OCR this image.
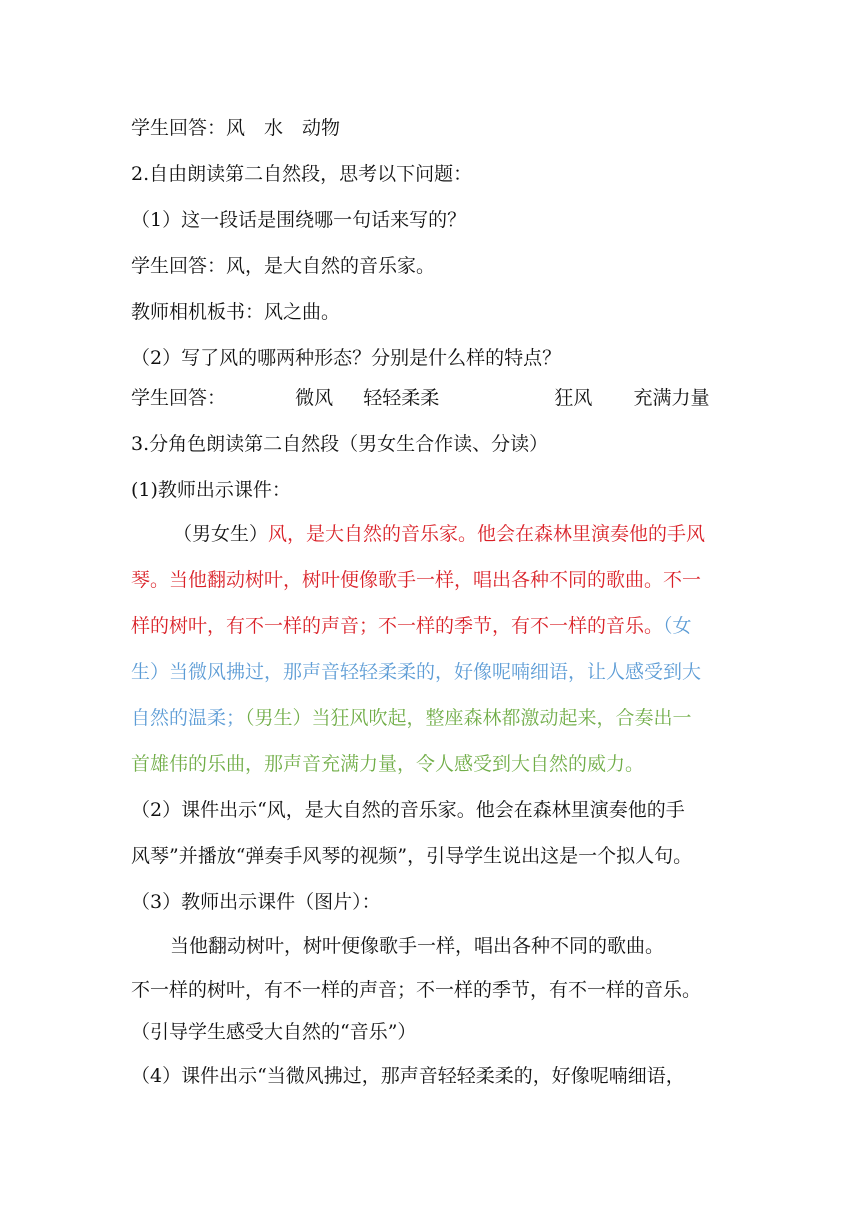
学生回答：风　水　动物
2.自由朗读第二自然段，思考以下问题：
（1）这一段话是围绕哪一句话来写的？
学生回答：风，是大自然的音乐家。
教师相机板书：风之曲。
（2）写了风的哪两种形态？分别是什么样的特点？
学生回答：	微风 轻轻柔柔	狂风 充满力量
3.分角色朗读第二自然段（男女生合作读、分读）
(1)教师出示课件：
（男女生）风，是大自然的音乐家。他会在森林里演奏他的手风
琴。当他翻动树叶，树叶便像歌手一样，唱出各种不同的歌曲。不一
样的树叶，有不一样的声音；不一样的季节，有不一样的音乐。（女
生）当微风拂过，那声音轻轻柔柔的，好像呢喃细语，让人感受到大
自然的温柔；（男生）当狂风吹起，整座森林都激动起来，合奏出一
首雄伟的乐曲，那声音充满力量，令人感受到大自然的威力。
（2）课件出示“风，是大自然的音乐家。他会在森林里演奏他的手
风琴”并播放“弹奏手风琴的视频”，引导学生说出这是一个拟人句。
（3）教师出示课件（图片）：
当他翻动树叶，树叶便像歌手一样，唱出各种不同的歌曲。
不一样的树叶，有不一样的声音；不一样的季节，有不一样的音乐。
（引导学生感受大自然的“音乐”）
（4）课件出示“当微风拂过，那声音轻轻柔柔的，好像呢喃细语，
